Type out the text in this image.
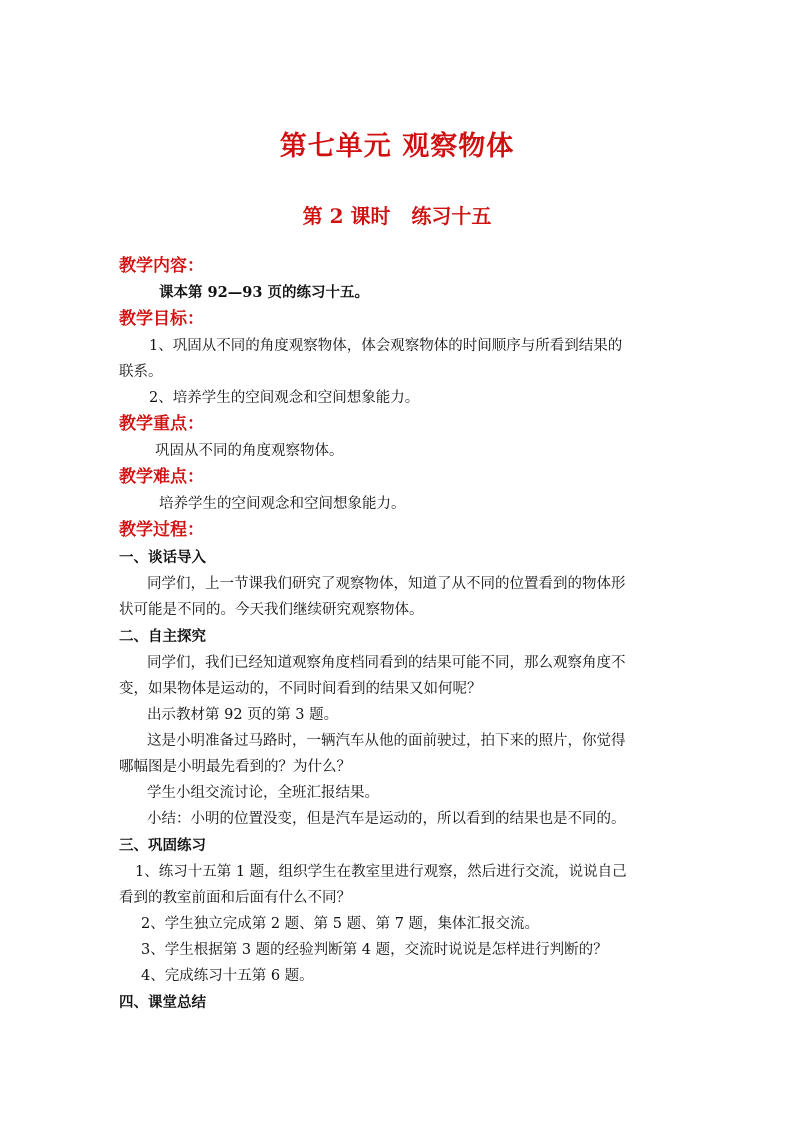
第七单元 观察物体
第 2 课时   练习十五
教学内容：
课本第 92—93 页的练习十五。
教学目标：
1、巩固从不同的角度观察物体，体会观察物体的时间顺序与所看到结果的
联系。
2、培养学生的空间观念和空间想象能力。
教学重点：
巩固从不同的角度观察物体。
教学难点：
培养学生的空间观念和空间想象能力。
教学过程：
一、谈话导入
同学们，上一节课我们研究了观察物体，知道了从不同的位置看到的物体形
状可能是不同的。今天我们继续研究观察物体。
二、自主探究
同学们，我们已经知道观察角度档同看到的结果可能不同，那么观察角度不
变，如果物体是运动的，不同时间看到的结果又如何呢？
出示教材第 92 页的第 3 题。
这是小明准备过马路时，一辆汽车从他的面前驶过，拍下来的照片，你觉得
哪幅图是小明最先看到的？为什么？
学生小组交流讨论，全班汇报结果。
小结：小明的位置没变，但是汽车是运动的，所以看到的结果也是不同的。
三、巩固练习
1、练习十五第 1 题，组织学生在教室里进行观察，然后进行交流，说说自己
看到的教室前面和后面有什么不同？
2、学生独立完成第 2 题、第 5 题、第 7 题，集体汇报交流。
3、学生根据第 3 题的经验判断第 4 题，交流时说说是怎样进行判断的？
4、完成练习十五第 6 题。
四、课堂总结
